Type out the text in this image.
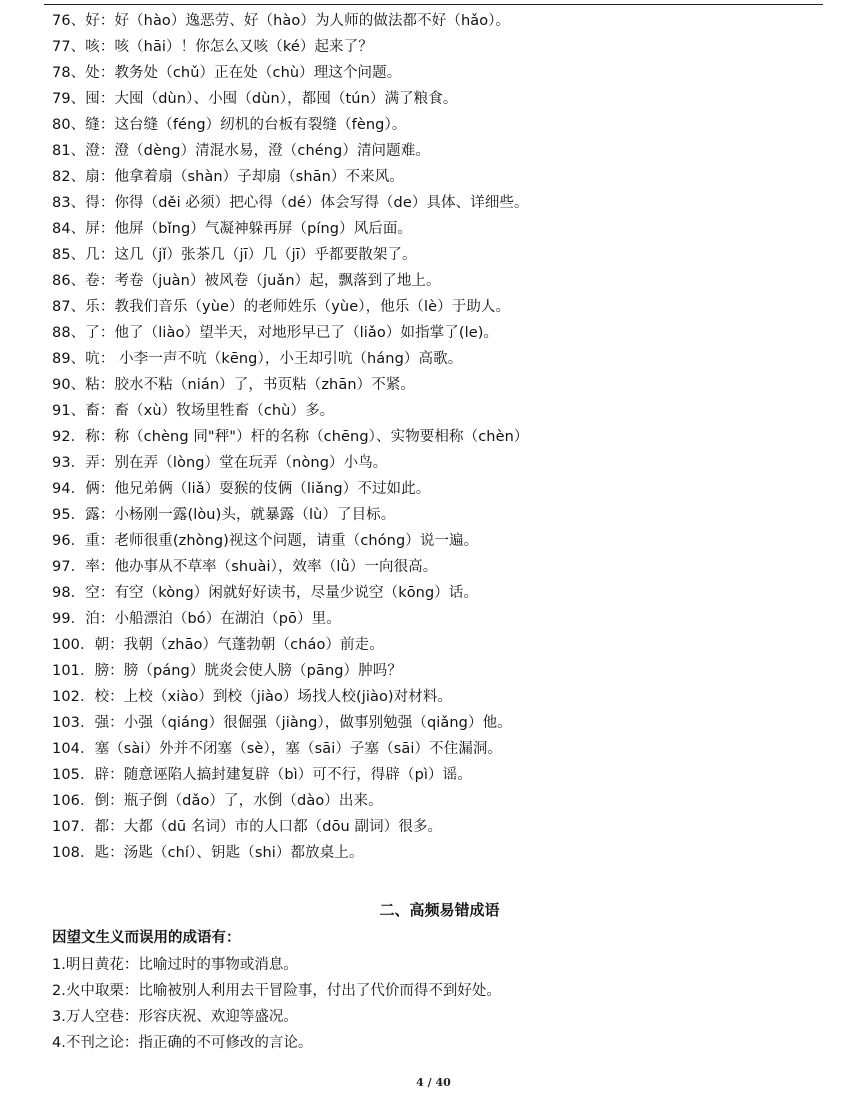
76、好：好（hào）逸恶劳、好（hào）为人师的做法都不好（hǎo）。
77、咳：咳（hāi）！你怎么又咳（ké）起来了？
78、处：教务处（chǔ）正在处（chù）理这个问题。
79、囤：大囤（dùn）、小囤（dùn），都囤（tún）满了粮食。
80、缝：这台缝（féng）纫机的台板有裂缝（fèng）。
81、澄：澄（dèng）清混水易，澄（chéng）清问题难。
82、扇：他拿着扇（shàn）子却扇（shān）不来风。
83、得：你得（děi 必须）把心得（dé）体会写得（de）具体、详细些。
84、屏：他屏（bǐng）气凝神躲再屏（píng）风后面。
85、几：这几（jǐ）张茶几（jī）几（jī）乎都要散架了。
86、卷：考卷（juàn）被风卷（juǎn）起，飘落到了地上。
87、乐：教我们音乐（yùe）的老师姓乐（yùe），他乐（lè）于助人。
88、了：他了（liào）望半天，对地形早已了（liǎo）如指掌了(le)。
89、吭： 小李一声不吭（kēng），小王却引吭（háng）高歌。
90、粘：胶水不粘（nián）了，书页粘（zhān）不紧。
91、畜：畜（xù）牧场里牲畜（chù）多。
92．称：称（chèng 同"秤"）杆的名称（chēng）、实物要相称（chèn）
93．弄：别在弄（lòng）堂在玩弄（nòng）小鸟。
94．俩：他兄弟俩（liǎ）耍猴的伎俩（liǎng）不过如此。
95．露：小杨刚一露(lòu)头，就暴露（lù）了目标。
96．重：老师很重(zhòng)视这个问题，请重（chóng）说一遍。
97．率：他办事从不草率（shuài），效率（lǜ）一向很高。
98．空：有空（kòng）闲就好好读书，尽量少说空（kōng）话。
99．泊：小船漂泊（bó）在湖泊（pō）里。
100．朝：我朝（zhāo）气蓬勃朝（cháo）前走。
101．膀：膀（páng）胱炎会使人膀（pāng）肿吗？
102．校：上校（xiào）到校（jiào）场找人校(jiào)对材料。
103．强：小强（qiáng）很倔强（jiàng），做事别勉强（qiǎng）他。
104．塞（sài）外并不闭塞（sè），塞（sāi）子塞（sāi）不住漏洞。
105．辟：随意诬陷人搞封建复辟（bì）可不行，得辟（pì）谣。
106．倒：瓶子倒（dǎo）了，水倒（dào）出来。
107．都：大都（dū 名词）市的人口都（dōu 副词）很多。
108．匙：汤匙（chí）、钥匙（shi）都放桌上。
二、高频易错成语
因望文生义而误用的成语有：
1.明日黄花：比喻过时的事物或消息。
2.火中取栗：比喻被别人利用去干冒险事，付出了代价而得不到好处。
3.万人空巷：形容庆祝、欢迎等盛况。
4.不刊之论：指正确的不可修改的言论。
4 / 40
